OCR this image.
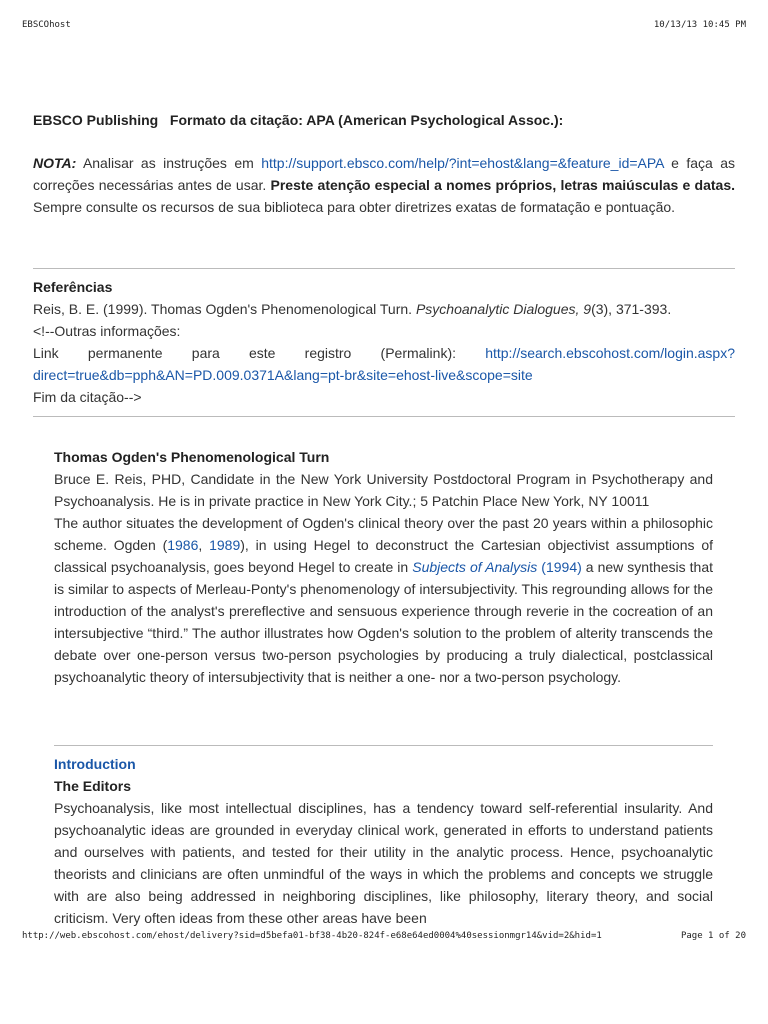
EBSCOhost	10/13/13 10:45 PM
EBSCO Publishing   Formato da citação: APA (American Psychological Assoc.):
NOTA: Analisar as instruções em http://support.ebsco.com/help/?int=ehost&lang=&feature_id=APA e faça as correções necessárias antes de usar. Preste atenção especial a nomes próprios, letras maiúsculas e datas. Sempre consulte os recursos de sua biblioteca para obter diretrizes exatas de formatação e pontuação.
Referências
Reis, B. E. (1999). Thomas Ogden's Phenomenological Turn. Psychoanalytic Dialogues, 9(3), 371-393.
<!--Outras informações:
Link permanente para este registro (Permalink): http://search.ebscohost.com/login.aspx?
direct=true&db=pph&AN=PD.009.0371A&lang=pt-br&site=ehost-live&scope=site
Fim da citação-->
Thomas Ogden's Phenomenological Turn
Bruce E. Reis, PHD, Candidate in the New York University Postdoctoral Program in Psychotherapy and Psychoanalysis. He is in private practice in New York City.; 5 Patchin Place New York, NY 10011
The author situates the development of Ogden's clinical theory over the past 20 years within a philosophic scheme. Ogden (1986, 1989), in using Hegel to deconstruct the Cartesian objectivist assumptions of classical psychoanalysis, goes beyond Hegel to create in Subjects of Analysis (1994) a new synthesis that is similar to aspects of Merleau-Ponty's phenomenology of intersubjectivity. This regrounding allows for the introduction of the analyst's prereflective and sensuous experience through reverie in the cocreation of an intersubjective “third.” The author illustrates how Ogden's solution to the problem of alterity transcends the debate over one-person versus two-person psychologies by producing a truly dialectical, postclassical psychoanalytic theory of intersubjectivity that is neither a one- nor a two-person psychology.
Introduction
The Editors
Psychoanalysis, like most intellectual disciplines, has a tendency toward self-referential insularity. And psychoanalytic ideas are grounded in everyday clinical work, generated in efforts to understand patients and ourselves with patients, and tested for their utility in the analytic process. Hence, psychoanalytic theorists and clinicians are often unmindful of the ways in which the problems and concepts we struggle with are also being addressed in neighboring disciplines, like philosophy, literary theory, and social criticism. Very often ideas from these other areas have been
http://web.ebscohost.com/ehost/delivery?sid=d5befa01-bf38-4b20-824f-e68e64ed0004%40sessionmgr14&vid=2&hid=1	Page 1 of 20
